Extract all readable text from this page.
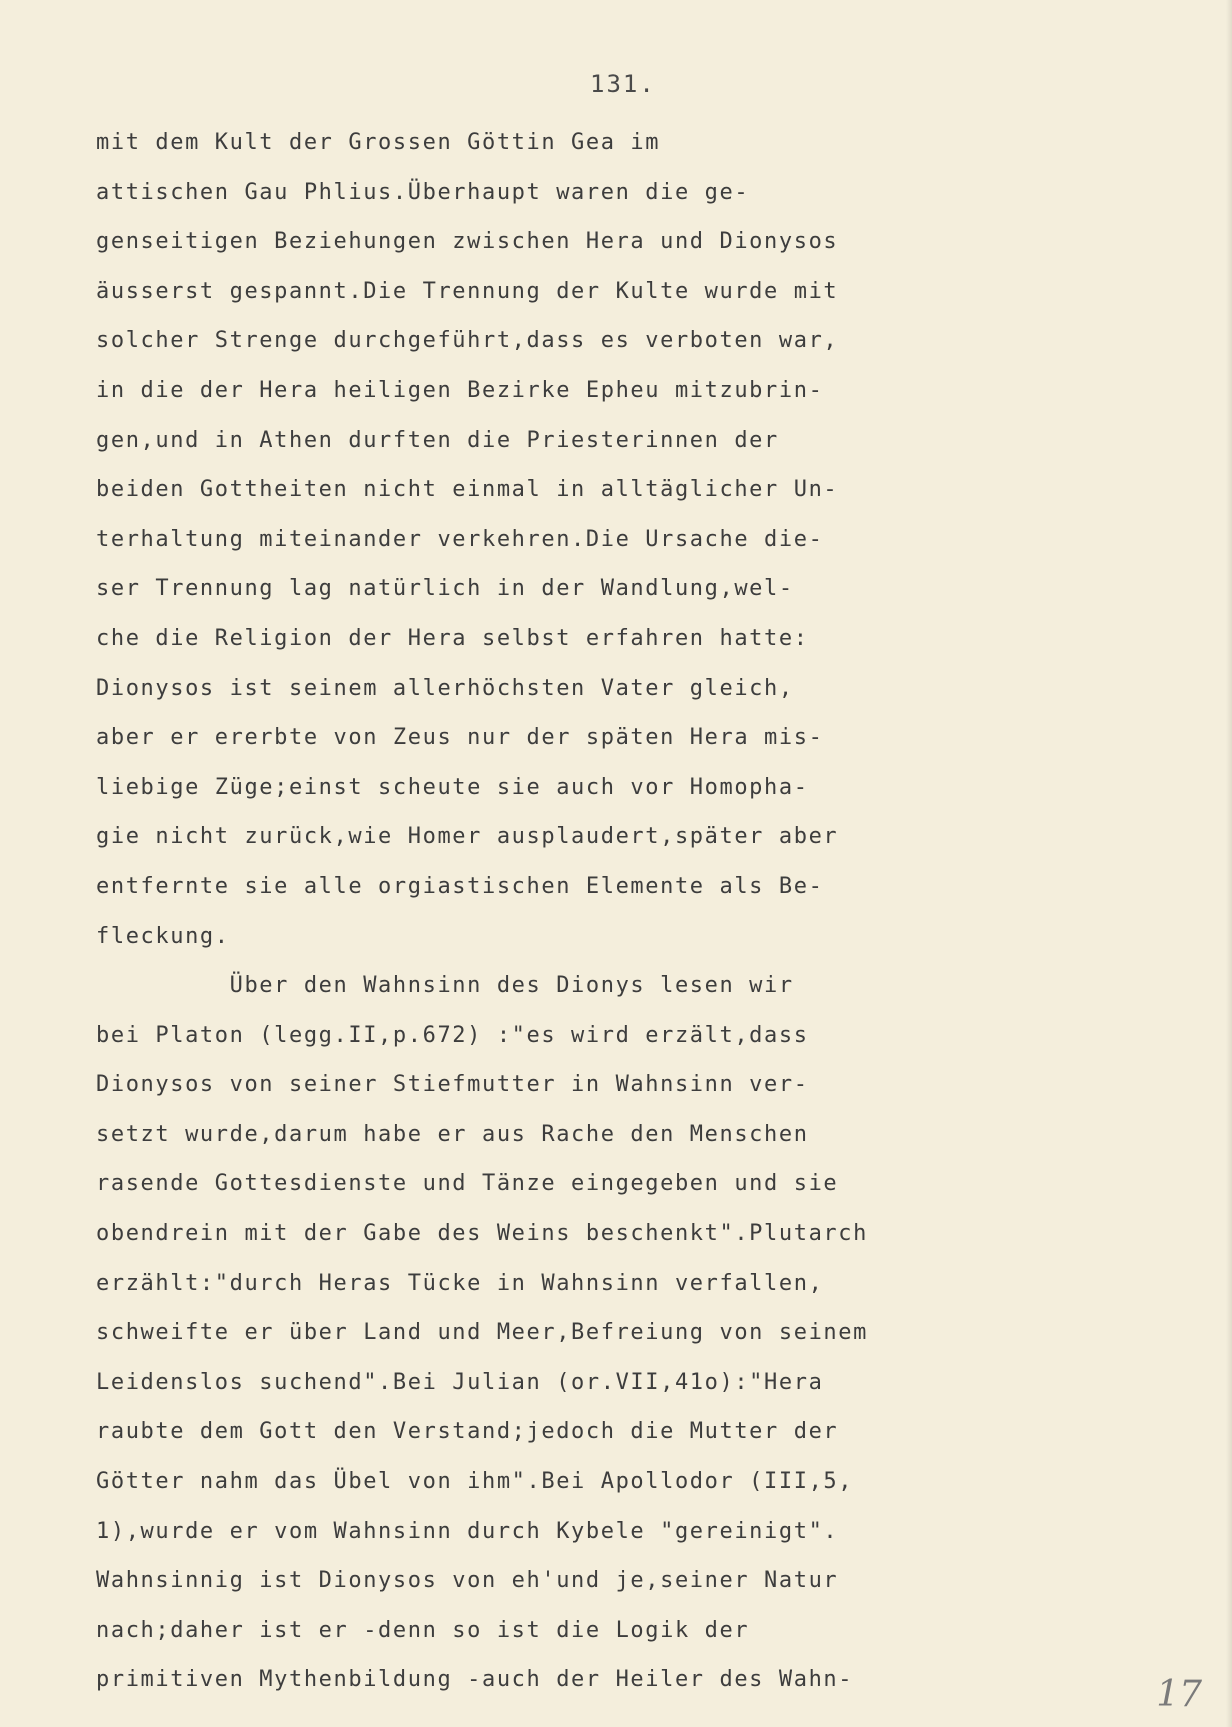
131.
mit dem Kult der Grossen Göttin Gea im
attischen Gau Phlius.Überhaupt waren die ge-
genseitigen Beziehungen zwischen Hera und Dionysos
äusserst gespannt.Die Trennung der Kulte wurde mit
solcher Strenge durchgeführt,dass es verboten war,
in die der Hera heiligen Bezirke Epheu mitzubrin-
gen,und in Athen durften die Priesterinnen der
beiden Gottheiten nicht einmal in alltäglicher Un-
terhaltung miteinander verkehren.Die Ursache die-
ser Trennung lag natürlich in der Wandlung,wel-
che die Religion der Hera selbst erfahren hatte:
Dionysos ist seinem allerhöchsten Vater gleich,
aber er ererbte von Zeus nur der späten Hera mis-
liebige Züge;einst scheute sie auch vor Homopha-
gie nicht zurück,wie Homer ausplaudert,später aber
entfernte sie alle orgiastischen Elemente als Be-
fleckung.
Über den Wahnsinn des Dionys lesen wir
bei Platon (legg.II,p.672) :"es wird erzält,dass
Dionysos von seiner Stiefmutter in Wahnsinn ver-
setzt wurde,darum habe er aus Rache den Menschen
rasende Gottesdienste und Tänze eingegeben und sie
obendrein mit der Gabe des Weins beschenkt".Plutarch
erzählt:"durch Heras Tücke in Wahnsinn verfallen,
schweifte er über Land und Meer,Befreiung von seinem
Leidenslos suchend".Bei Julian (or.VII,41o):"Hera
raubte dem Gott den Verstand;jedoch die Mutter der
Götter nahm das Übel von ihm".Bei Apollodor (III,5,
1),wurde er vom Wahnsinn durch Kybele "gereinigt".
Wahnsinnig ist Dionysos von eh'und je,seiner Natur
nach;daher ist er -denn so ist die Logik der
primitiven Mythenbildung -auch der Heiler des Wahn-	17
